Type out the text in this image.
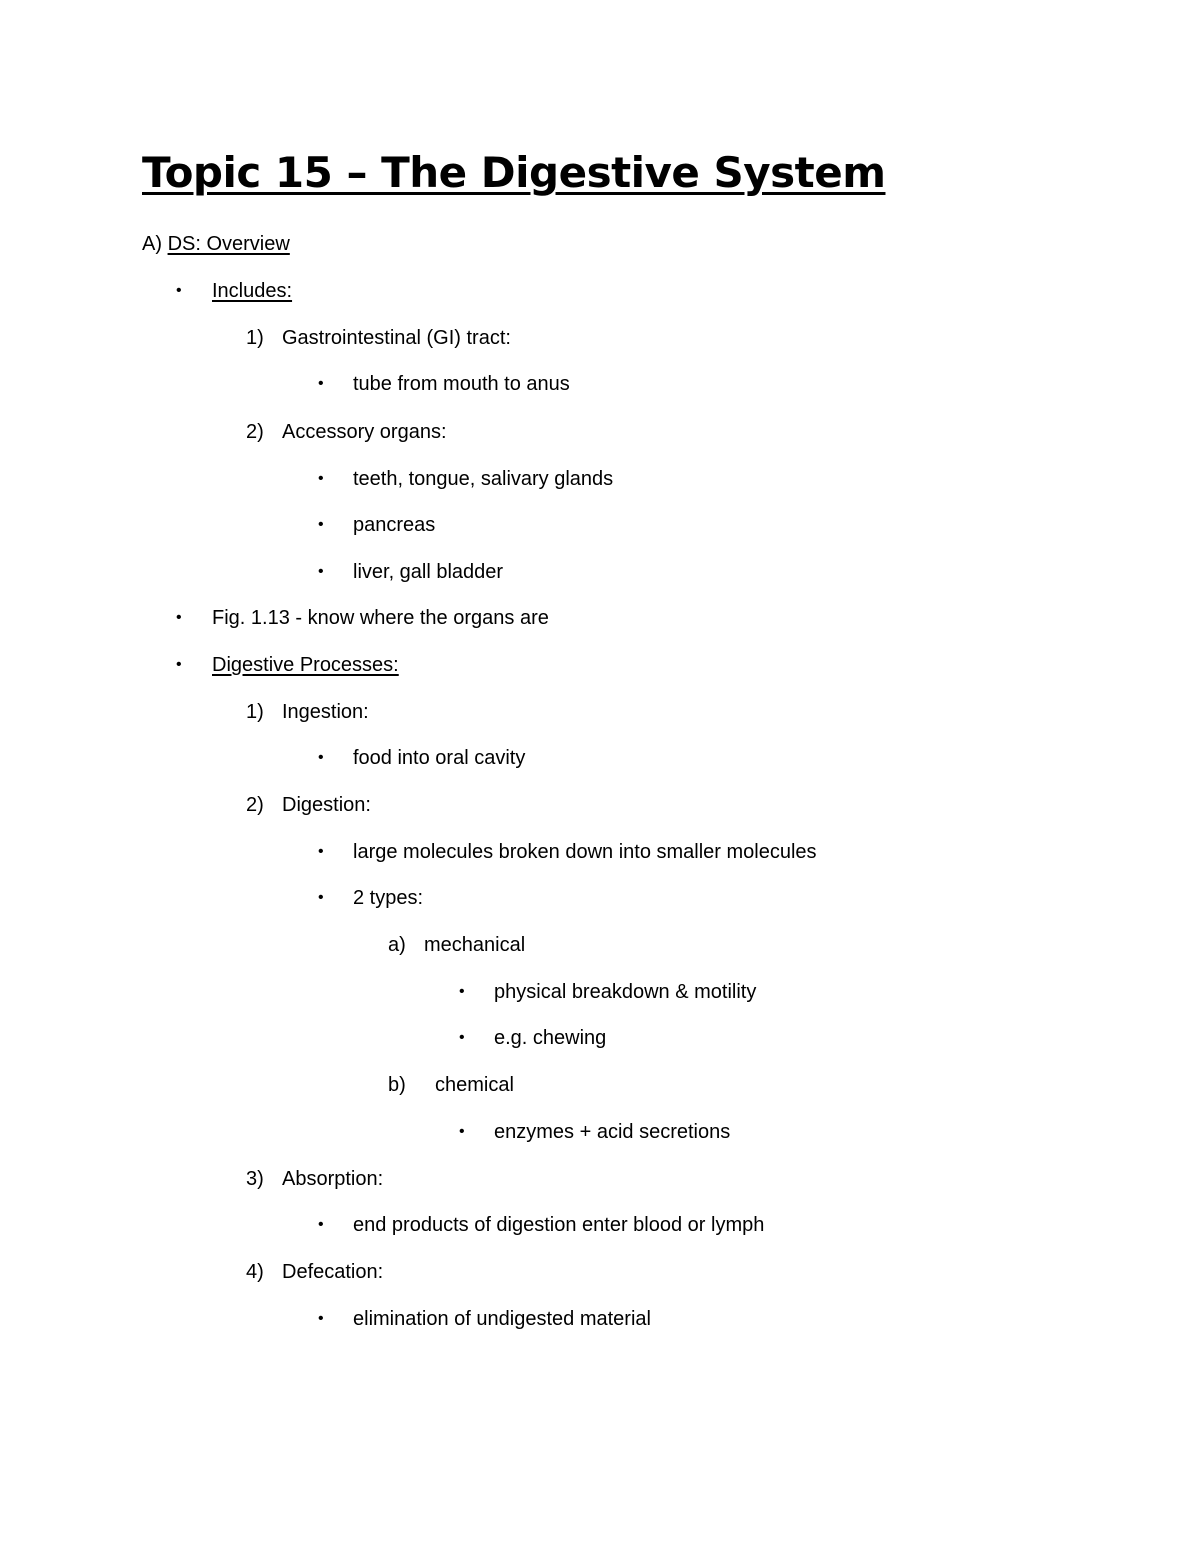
Topic 15 – The Digestive System
A) DS: Overview
• Includes:
1) Gastrointestinal (GI) tract:
• tube from mouth to anus
2) Accessory organs:
• teeth, tongue, salivary glands
• pancreas
• liver, gall bladder
• Fig. 1.13 - know where the organs are
• Digestive Processes:
1) Ingestion:
• food into oral cavity
2) Digestion:
• large molecules broken down into smaller molecules
• 2 types:
a) mechanical
• physical breakdown & motility
• e.g. chewing
b) chemical
• enzymes + acid secretions
3) Absorption:
• end products of digestion enter blood or lymph
4) Defecation:
• elimination of undigested material
